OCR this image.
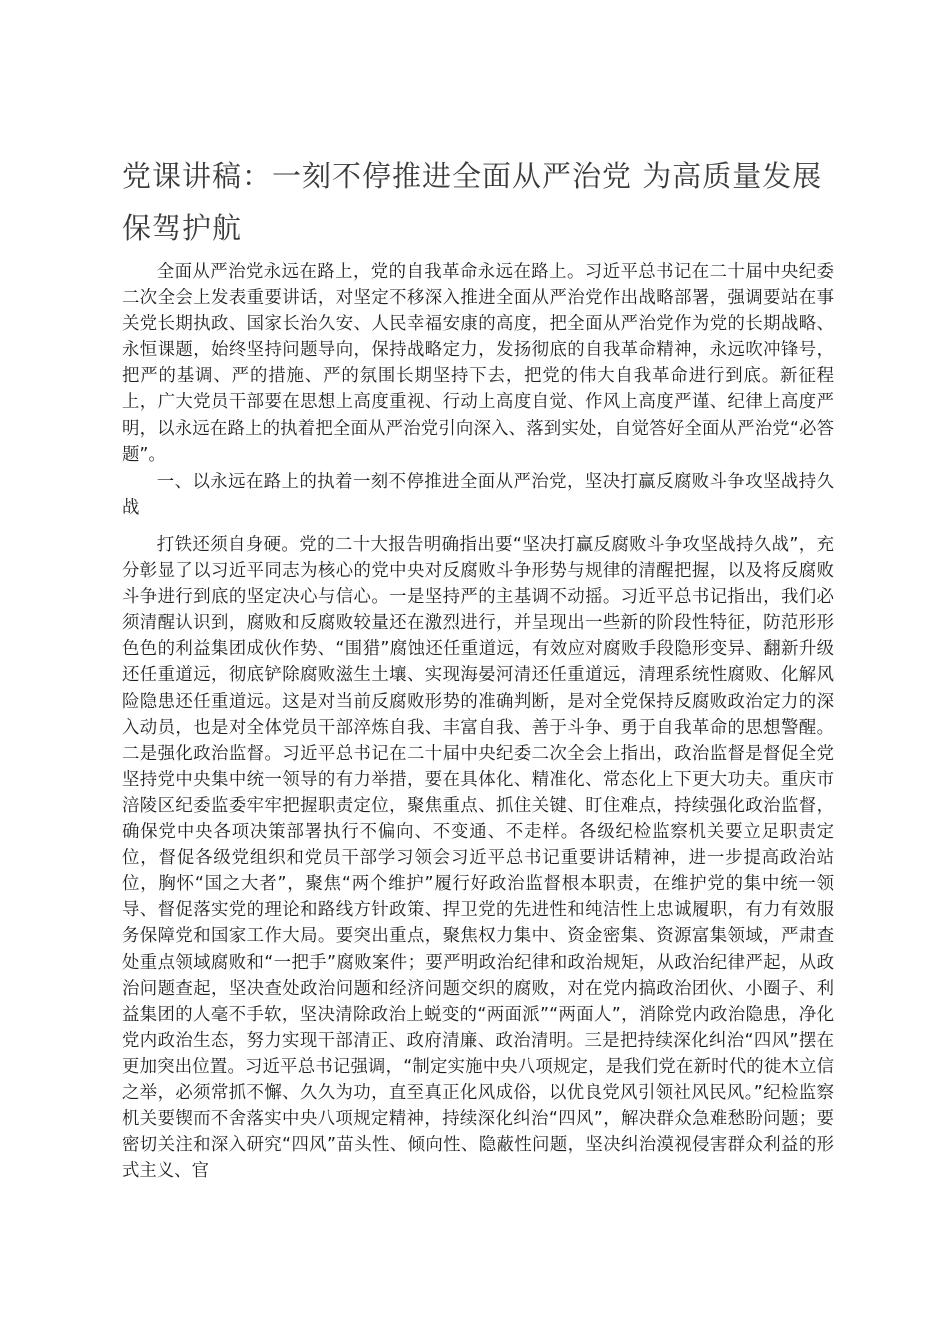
党课讲稿：一刻不停推进全面从严治党 为高质量发展保驾护航

全面从严治党永远在路上，党的自我革命永远在路上。习近平总书记在二十届中央纪委二次全会上发表重要讲话，对坚定不移深入推进全面从严治党作出战略部署，强调要站在事关党长期执政、国家长治久安、人民幸福安康的高度，把全面从严治党作为党的长期战略、永恒课题，始终坚持问题导向，保持战略定力，发扬彻底的自我革命精神，永远吹冲锋号，把严的基调、严的措施、严的氛围长期坚持下去，把党的伟大自我革命进行到底。新征程上，广大党员干部要在思想上高度重视、行动上高度自觉、作风上高度严谨、纪律上高度严明，以永远在路上的执着把全面从严治党引向深入、落到实处，自觉答好全面从严治党“必答题”。

一、以永远在路上的执着一刻不停推进全面从严治党，坚决打赢反腐败斗争攻坚战持久战

打铁还须自身硬。党的二十大报告明确指出要“坚决打赢反腐败斗争攻坚战持久战”，充分彰显了以习近平同志为核心的党中央对反腐败斗争形势与规律的清醒把握，以及将反腐败斗争进行到底的坚定决心与信心。一是坚持严的主基调不动摇。习近平总书记指出，我们必须清醒认识到，腐败和反腐败较量还在激烈进行，并呈现出一些新的阶段性特征，防范形形色色的利益集团成伙作势、“围猎”腐蚀还任重道远，有效应对腐败手段隐形变异、翻新升级还任重道远，彻底铲除腐败滋生土壤、实现海晏河清还任重道远，清理系统性腐败、化解风险隐患还任重道远。这是对当前反腐败形势的准确判断，是对全党保持反腐败政治定力的深入动员，也是对全体党员干部淬炼自我、丰富自我、善于斗争、勇于自我革命的思想警醒。二是强化政治监督。习近平总书记在二十届中央纪委二次全会上指出，政治监督是督促全党坚持党中央集中统一领导的有力举措，要在具体化、精准化、常态化上下更大功夫。重庆市涪陵区纪委监委牢牢把握职责定位，聚焦重点、抓住关键、盯住难点，持续强化政治监督，确保党中央各项决策部署执行不偏向、不变通、不走样。各级纪检监察机关要立足职责定位，督促各级党组织和党员干部学习领会习近平总书记重要讲话精神，进一步提高政治站位，胸怀“国之大者”，聚焦“两个维护”履行好政治监督根本职责，在维护党的集中统一领导、督促落实党的理论和路线方针政策、捍卫党的先进性和纯洁性上忠诚履职，有力有效服务保障党和国家工作大局。要突出重点，聚焦权力集中、资金密集、资源富集领域，严肃查处重点领域腐败和“一把手”腐败案件；要严明政治纪律和政治规矩，从政治纪律严起，从政治问题查起，坚决查处政治问题和经济问题交织的腐败，对在党内搞政治团伙、小圈子、利益集团的人毫不手软，坚决清除政治上蜕变的“两面派”“两面人”，消除党内政治隐患，净化党内政治生态，努力实现干部清正、政府清廉、政治清明。三是把持续深化纠治“四风”摆在更加突出位置。习近平总书记强调，“制定实施中央八项规定，是我们党在新时代的徙木立信之举，必须常抓不懈、久久为功，直至真正化风成俗，以优良党风引领社风民风。”纪检监察机关要锲而不舍落实中央八项规定精神，持续深化纠治“四风”，解决群众急难愁盼问题；要密切关注和深入研究“四风”苗头性、倾向性、隐蔽性问题，坚决纠治漠视侵害群众利益的形式主义、官
